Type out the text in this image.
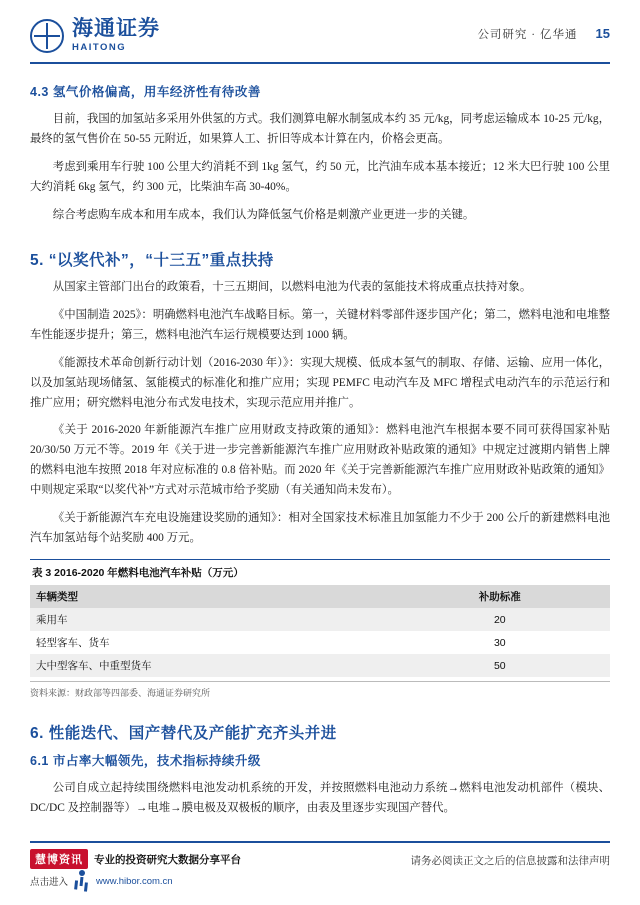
海通证券
HAITONG
公司研究 · 亿华通 15
4.3 氢气价格偏高，用车经济性有待改善

目前，我国的加氢站多采用外供氢的方式。我们测算电解水制氢成本约 35 元/kg，同考虑运输成本 10-25 元/kg，最终的氢气售价在 50-55 元附近，如果算人工、折旧等成本计算在内，价格会更高。

考虑到乘用车行驶 100 公里大约消耗不到 1kg 氢气，约 50 元，比汽油车成本基本接近；12 米大巴行驶 100 公里大约消耗 6kg 氢气，约 300 元，比柴油车高 30-40%。

综合考虑购车成本和用车成本，我们认为降低氢气价格是刺激产业更进一步的关键。

5. “以奖代补”，“十三五”重点扶持

从国家主管部门出台的政策看，十三五期间，以燃料电池为代表的氢能技术将成重点扶持对象。

《中国制造 2025》：明确燃料电池汽车战略目标。第一，关键材料零部件逐步国产化；第二，燃料电池和电堆整车性能逐步提升；第三，燃料电池汽车运行规模要达到 1000 辆。

《能源技术革命创新行动计划（2016-2030 年）》：实现大规模、低成本氢气的制取、存储、运输、应用一体化，以及加氢站现场储氢、氢能模式的标准化和推广应用；实现 PEMFC 电动汽车及 MFC 增程式电动汽车的示范运行和推广应用；研究燃料电池分布式发电技术，实现示范应用并推广。

《关于 2016-2020 年新能源汽车推广应用财政支持政策的通知》：燃料电池汽车根据本要不同可获得国家补贴 20/30/50 万元不等。2019 年《关于进一步完善新能源汽车推广应用财政补贴政策的通知》中规定过渡期内销售上牌的燃料电池车按照 2018 年对应标准的 0.8 倍补贴。而 2020 年《关于完善新能源汽车推广应用财政补贴政策的通知》中则规定采取“以奖代补”方式对示范城市给予奖励（有关通知尚未发布）。

《关于新能源汽车充电设施建设奖励的通知》：相对全国家技术标准且加氢能力不少于 200 公斤的新建燃料电池汽车加氢站每个站奖励 400 万元。

表 3 2016-2020 年燃料电池汽车补贴（万元）
车辆类型	补助标准
乘用车	20
轻型客车、货车	30
大中型客车、中重型货车	50
资料来源：财政部等四部委、海通证券研究所
6. 性能迭代、国产替代及产能扩充齐头并进
6.1 市占率大幅领先，技术指标持续升级

公司自成立起持续围绕燃料电池发动机系统的开发，并按照燃料电池动力系统→燃料电池发动机部件（模块、DC/DC 及控制器等）→电堆→膜电极及双极板的顺序，由表及里逐步实现国产替代。

慧博资讯	专业的投资研究大数据分享平台
点击进入	www.hibor.com.cn
请务必阅读正文之后的信息披露和法律声明
